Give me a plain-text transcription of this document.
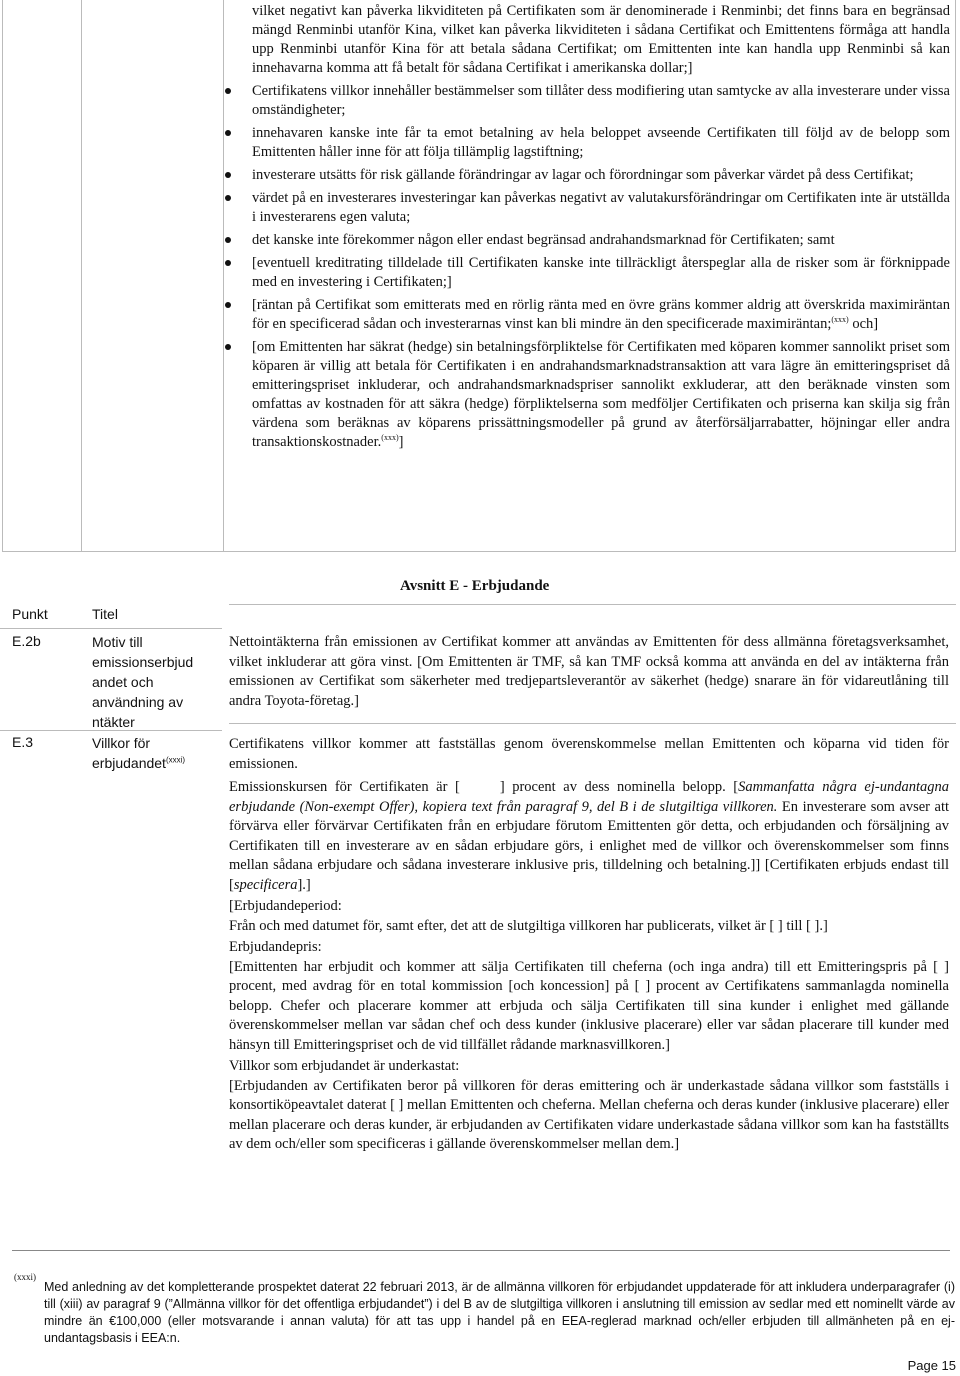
vilket negativt kan påverka likviditeten på Certifikaten som är denominerade i Renminbi; det finns bara en begränsad mängd Renminbi utanför Kina, vilket kan påverka likviditeten i sådana Certifikat och Emittentens förmåga att handla upp Renminbi utanför Kina för att betala sådana Certifikat; om Emittenten inte kan handla upp Renminbi så kan innehavarna komma att få betalt för sådana Certifikat i amerikanska dollar;]

Certifikatens villkor innehåller bestämmelser som tillåter dess modifiering utan samtycke av alla investerare under vissa omständigheter;
innehavaren kanske inte får ta emot betalning av hela beloppet avseende Certifikaten till följd av de belopp som Emittenten håller inne för att följa tillämplig lagstiftning;
investerare utsätts för risk gällande förändringar av lagar och förordningar som påverkar värdet på dess Certifikat;
värdet på en investerares investeringar kan påverkas negativt av valutakursförändringar om Certifikaten inte är utställda i investerarens egen valuta;
det kanske inte förekommer någon eller endast begränsad andrahandsmarknad för Certifikaten; samt
[eventuell kreditrating tilldelade till Certifikaten kanske inte tillräckligt återspeglar alla de risker som är förknippade med en investering i Certifikaten;]
[räntan på Certifikat som emitterats med en rörlig ränta med en övre gräns kommer aldrig att överskrida maximiräntan för en specificerad sådan och investerarnas vinst kan bli mindre än den specificerade maximiräntan;$^{(xxx)}$ och]
[om Emittenten har säkrat (hedge) sin betalningsförpliktelse för Certifikaten med köparen kommer sannolikt priset som köparen är villig att betala för Certifikaten i en andrahandsmarknadstransaktion att vara lägre än emitteringspriset då emitteringspriset inkluderar, och andrahandsmarknadspriser sannolikt exkluderar, att den beräknade vinsten som omfattas av kostnaden för att säkra (hedge) förpliktelserna som medföljer Certifikaten och priserna kan skilja sig från värdena som beräknas av köparens prissättningsmodeller på grund av återförsäljarrabatter, höjningar eller andra transaktionskostnader.$^{(xxx)}$]
Avsnitt E - Erbjudande
Punkt	Titel
E.2b	Motiv till emissionserbjud andet och användning av ntäkter

Nettointäkterna från emissionen av Certifikat kommer att användas av Emittenten för dess allmänna företagsverksamhet, vilket inkluderar att göra vinst. [Om Emittenten är TMF, så kan TMF också komma att använda en del av intäkterna från emissionen av Certifikat som säkerheter med tredjepartsleverantör av säkerhet (hedge) snarare än för vidareutlåning till andra Toyota-företag.]

E.3	Villkor för erbjudandet$^{(xxxi)}$

Certifikatens villkor kommer att fastställas genom överenskommelse mellan Emittenten och köparna vid tiden för emissionen.

Emissionskursen för Certifikaten är [	] procent av dess nominella belopp. [Sammanfatta några ej-undantagna erbjudande (Non-exempt Offer), kopiera text från paragraf 9, del B i de slutgiltiga villkoren. En investerare som avser att förvärva eller förvärvar Certifikaten från en erbjudare förutom Emittenten gör detta, och erbjudanden och försäljning av Certifikaten till en investerare av en sådan erbjudare görs, i enlighet med de villkor och överenskommelser som finns mellan sådana erbjudare och sådana investerare inklusive pris, tilldelning och betalning.]] [Certifikaten erbjuds endast till [specificera].]

[Erbjudandeperiod:

Från och med datumet för, samt efter, det att de slutgiltiga villkoren har publicerats, vilket är [ ] till [ ].]

Erbjudandepris:

[Emittenten har erbjudit och kommer att sälja Certifikaten till cheferna (och inga andra) till ett Emitteringspris på [ ] procent, med avdrag för en total kommission [och koncession] på [ ] procent av Certifikatens sammanlagda nominella belopp. Chefer och placerare kommer att erbjuda och sälja Certifikaten till sina kunder i enlighet med gällande överenskommelser mellan var sådan chef och dess kunder (inklusive placerare) eller var sådan placerare till kunder med hänsyn till Emitteringspriset och de vid tillfället rådande marknasvillkoren.]

Villkor som erbjudandet är underkastat:

[Erbjudanden av Certifikaten beror på villkoren för deras emittering och är underkastade sådana villkor som fastställs i konsortiköpeavtalet daterat [ ] mellan Emittenten och cheferna. Mellan cheferna och deras kunder (inklusive placerare) eller mellan placerare och deras kunder, är erbjudanden av Certifikaten vidare underkastade sådana villkor som kan ha fastställts av dem och/eller som specificeras i gällande överenskommelser mellan dem.]

(xxxi)
Med anledning av det kompletterande prospektet daterat 22 februari 2013, är de allmänna villkoren för erbjudandet uppdaterade för att inkludera underparagrafer (i) till (xiii) av paragraf 9 (”Allmänna villkor för det offentliga erbjudandet”) i del B av de slutgiltiga villkoren i anslutning till emission av sedlar med ett nominellt värde av mindre än €100,000 (eller motsvarande i annan valuta) för att tas upp i handel på en EEA-reglerad marknad och/eller erbjuden till allmänheten på en ej-undantagsbasis i EEA:n.
Page 15
